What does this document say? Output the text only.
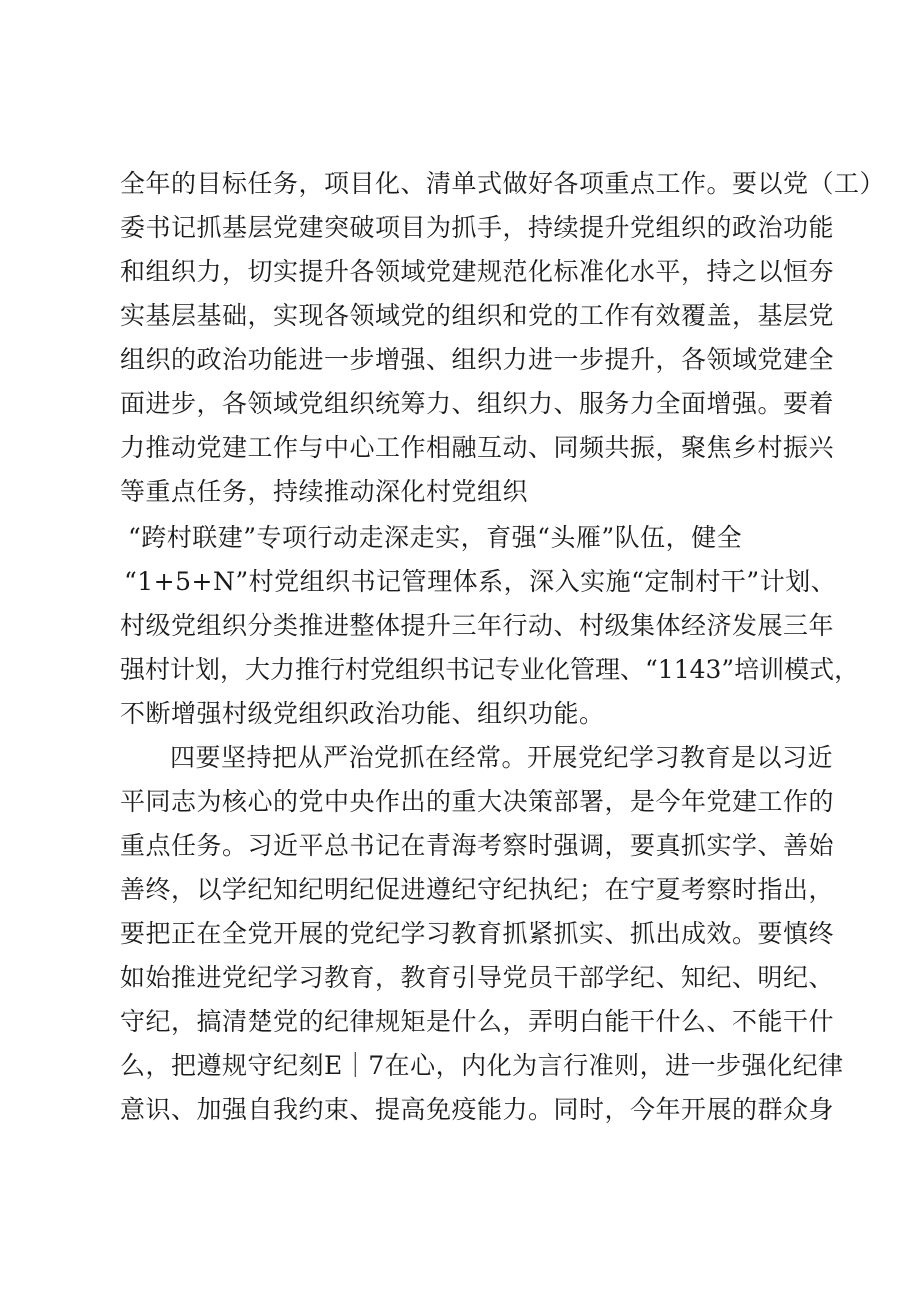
全年的目标任务，项目化、清单式做好各项重点工作。要以党（工）
委书记抓基层党建突破项目为抓手，持续提升党组织的政治功能
和组织力，切实提升各领域党建规范化标准化水平，持之以恒夯
实基层基础，实现各领域党的组织和党的工作有效覆盖，基层党
组织的政治功能进一步增强、组织力进一步提升，各领域党建全
面进步，各领域党组织统筹力、组织力、服务力全面增强。要着
力推动党建工作与中心工作相融互动、同频共振，聚焦乡村振兴
等重点任务，持续推动深化村党组织
“跨村联建”专项行动走深走实，育强“头雁”队伍，健全
“1+5+N”村党组织书记管理体系，深入实施“定制村干”计划、
村级党组织分类推进整体提升三年行动、村级集体经济发展三年
强村计划，大力推行村党组织书记专业化管理、“1143”培训模式，
不断增强村级党组织政治功能、组织功能。
四要坚持把从严治党抓在经常。开展党纪学习教育是以习近
平同志为核心的党中央作出的重大决策部署，是今年党建工作的
重点任务。习近平总书记在青海考察时强调，要真抓实学、善始
善终，以学纪知纪明纪促进遵纪守纪执纪；在宁夏考察时指出，
要把正在全党开展的党纪学习教育抓紧抓实、抓出成效。要慎终
如始推进党纪学习教育，教育引导党员干部学纪、知纪、明纪、
守纪，搞清楚党的纪律规矩是什么，弄明白能干什么、不能干什
么，把遵规守纪刻E｜7在心，内化为言行准则，进一步强化纪律
意识、加强自我约束、提高免疫能力。同时，今年开展的群众身
